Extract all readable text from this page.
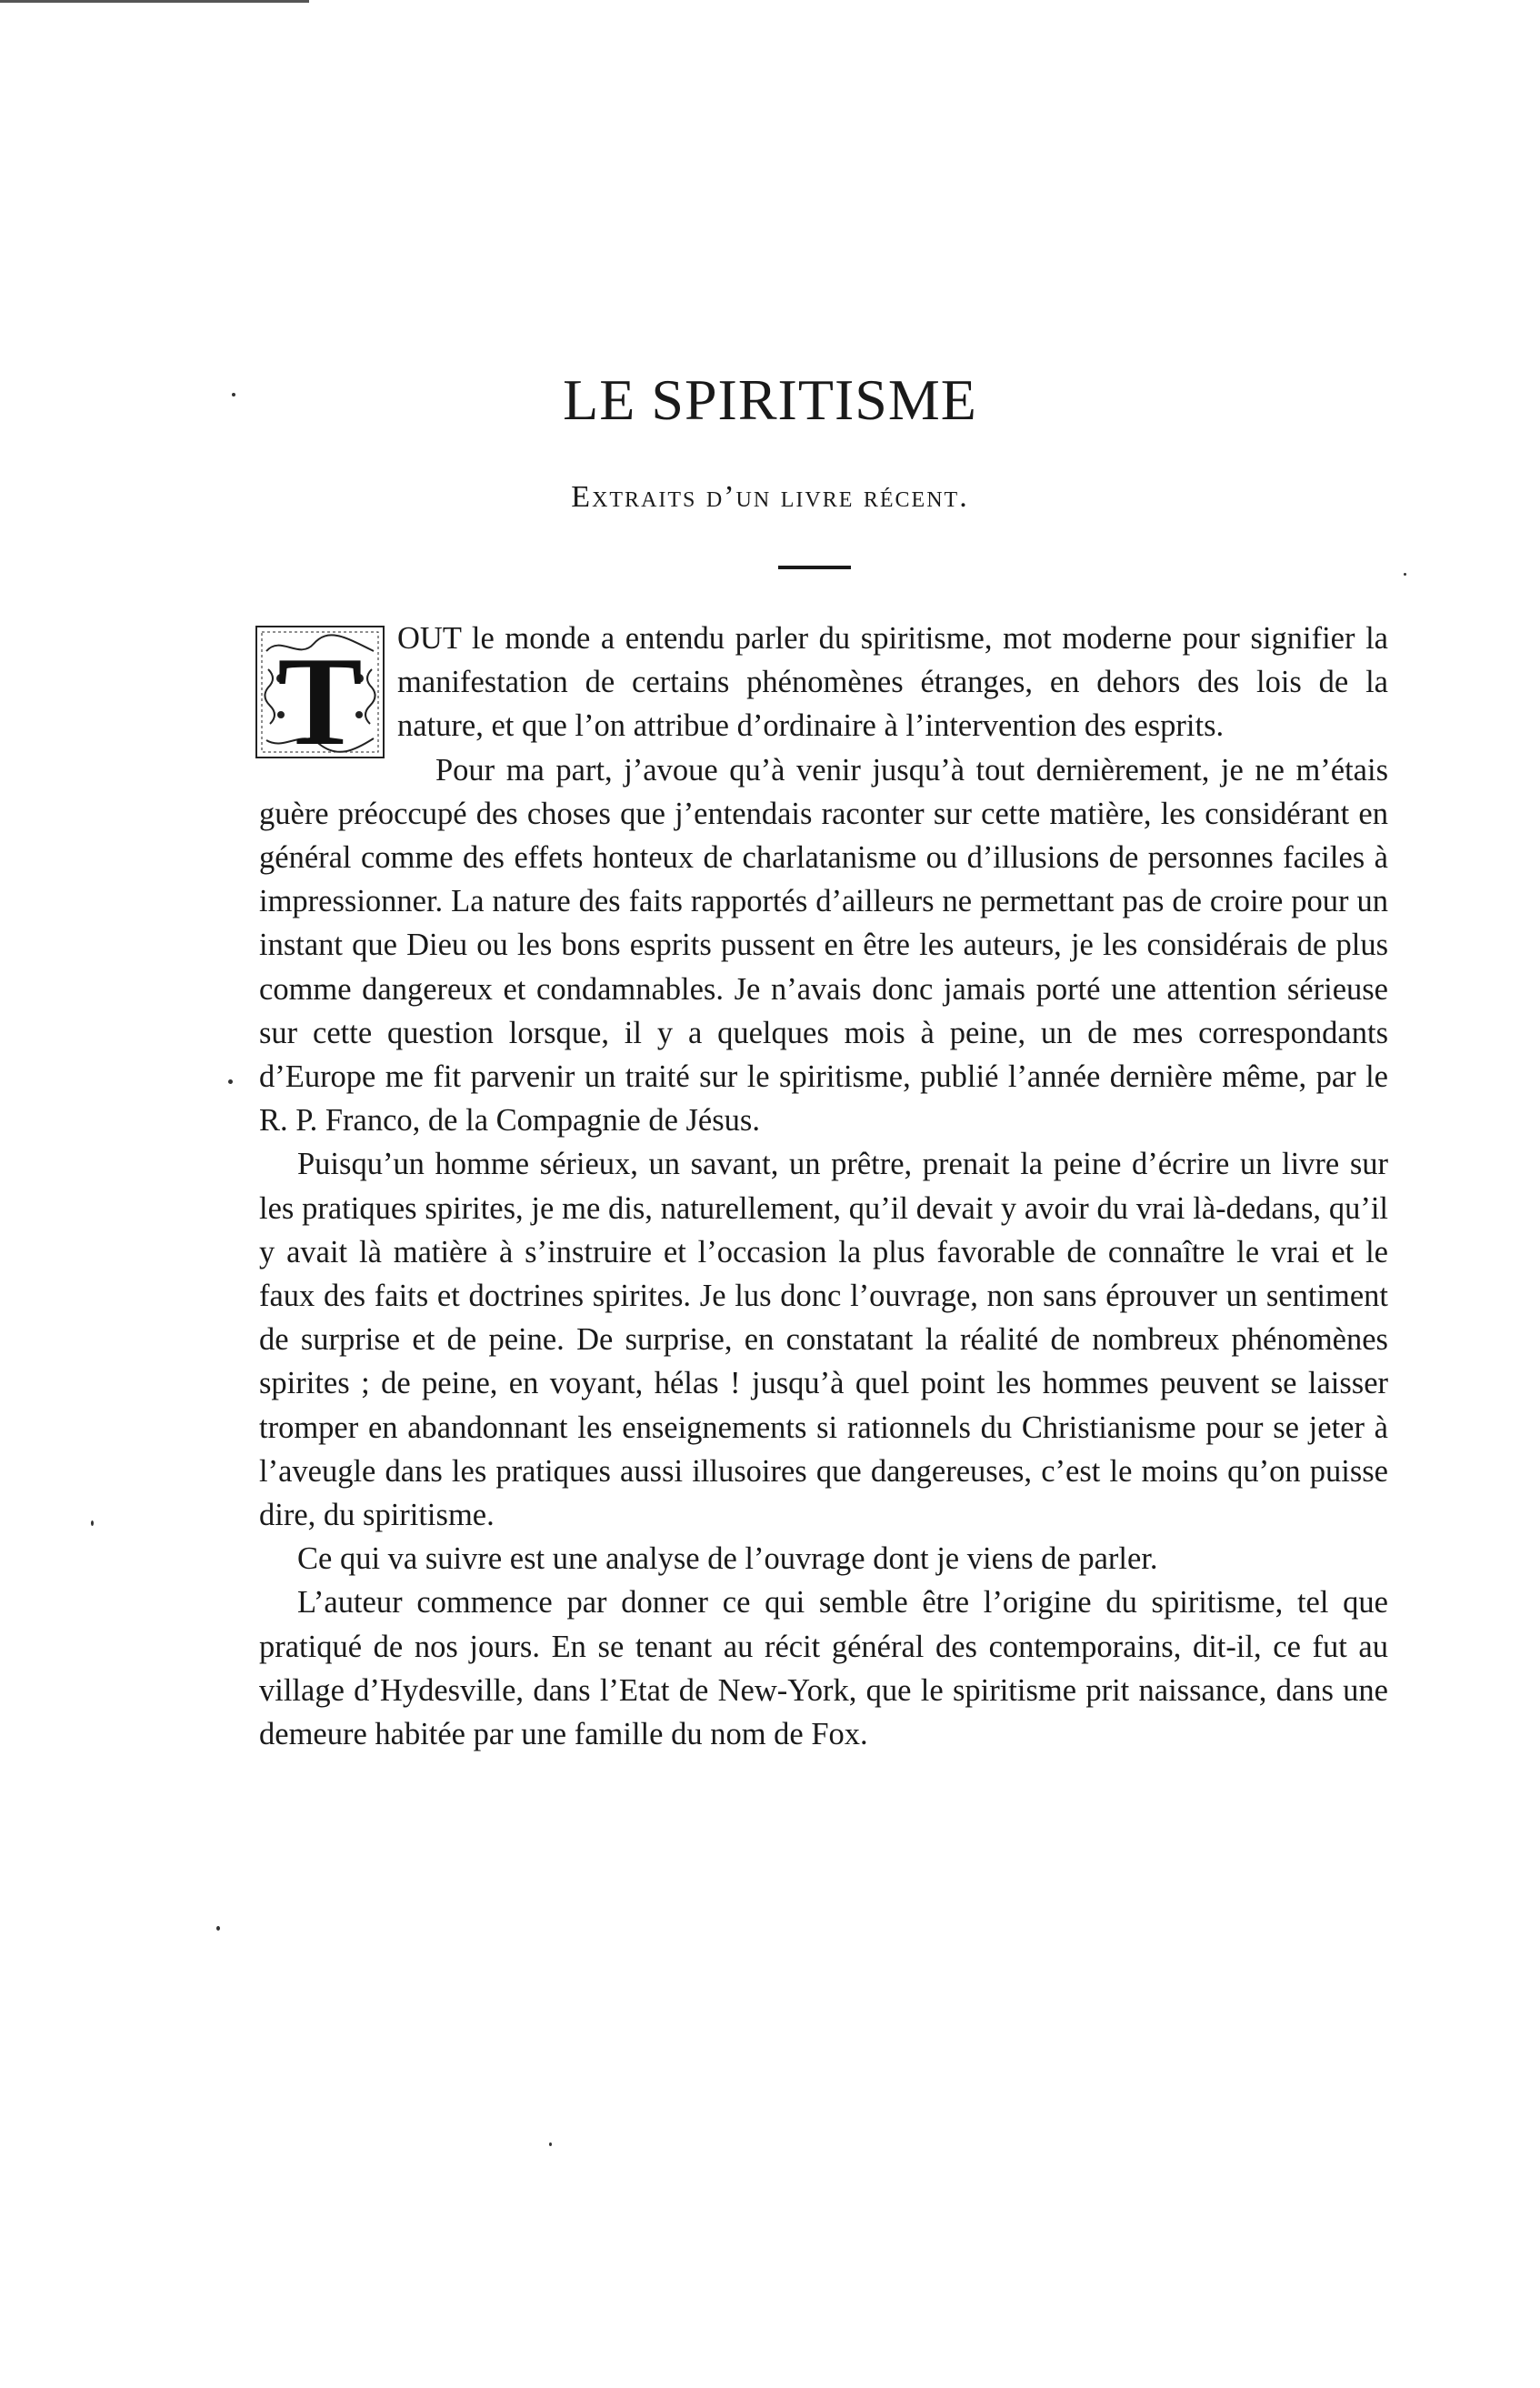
LE SPIRITISME
Extraits d’un livre récent.

T OUT le monde a entendu parler du spiritisme, mot moderne pour signifier la manifestation de certains phénomènes étranges, en dehors des lois de la nature, et que l’on attribue d’ordinaire à l’intervention des esprits.

Pour ma part, j’avoue qu’à venir jusqu’à tout dernièrement, je ne m’étais guère préoccupé des choses que j’entendais raconter sur cette matière, les considérant en général comme des effets honteux de charlatanisme ou d’illusions de personnes faciles à impressionner. La nature des faits rapportés d’ailleurs ne permettant pas de croire pour un instant que Dieu ou les bons esprits pussent en être les auteurs, je les considérais de plus comme dangereux et condamnables. Je n’avais donc jamais porté une attention sérieuse sur cette question lorsque, il y a quelques mois à peine, un de mes correspondants d’Europe me fit parvenir un traité sur le spiritisme, publié l’année dernière même, par le R. P. Franco, de la Compagnie de Jésus.

Puisqu’un homme sérieux, un savant, un prêtre, prenait la peine d’écrire un livre sur les pratiques spirites, je me dis, naturellement, qu’il devait y avoir du vrai là-dedans, qu’il y avait là matière à s’instruire et l’occasion la plus favorable de connaître le vrai et le faux des faits et doctrines spirites. Je lus donc l’ouvrage, non sans éprouver un sentiment de surprise et de peine. De surprise, en constatant la réalité de nombreux phénomènes spirites ; de peine, en voyant, hélas ! jusqu’à quel point les hommes peuvent se laisser tromper en abandonnant les enseignements si rationnels du Christianisme pour se jeter à l’aveugle dans les pratiques aussi illusoires que dangereuses, c’est le moins qu’on puisse dire, du spiritisme.

Ce qui va suivre est une analyse de l’ouvrage dont je viens de parler.

L’auteur commence par donner ce qui semble être l’origine du spiritisme, tel que pratiqué de nos jours. En se tenant au récit général des contemporains, dit-il, ce fut au village d’Hydesville, dans l’Etat de New-York, que le spiritisme prit naissance, dans une demeure habitée par une famille du nom de Fox.
